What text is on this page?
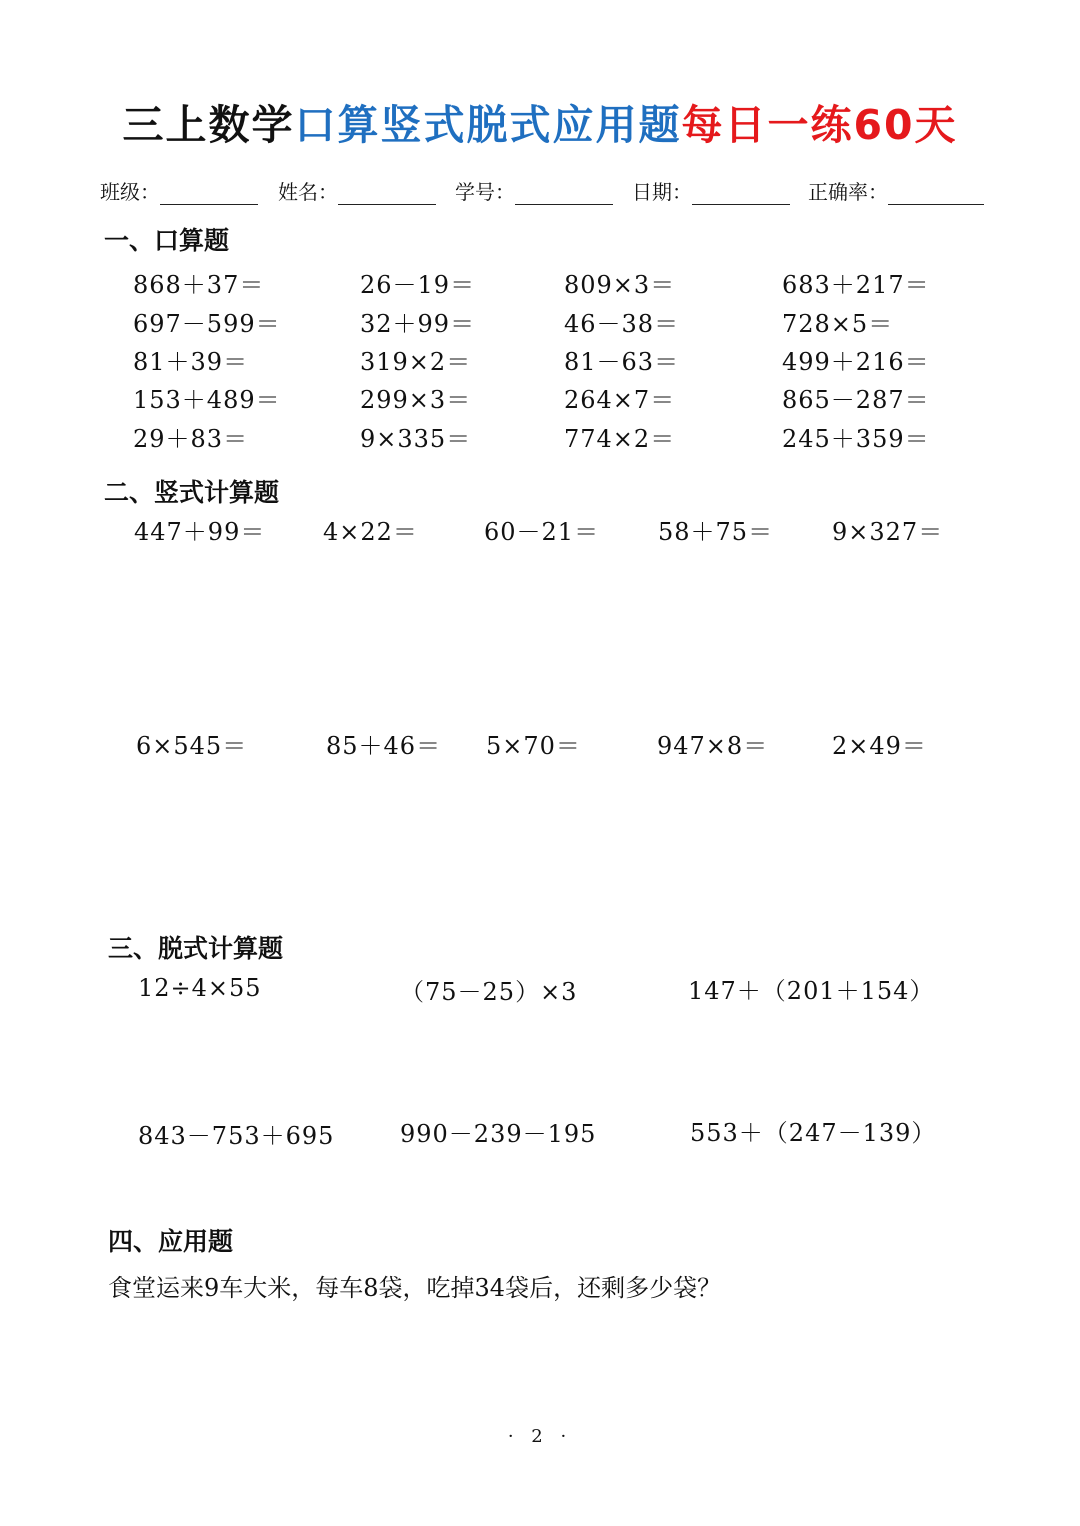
三上数学口算竖式脱式应用题每日一练60天
班级：	姓名：	学号：	日期：	正确率：
一、口算题
868＋37＝	26－19＝	809×3＝	683＋217＝
697－599＝	32＋99＝	46－38＝	728×5＝
81＋39＝	319×2＝	81－63＝	499＋216＝
153＋489＝	299×3＝	264×7＝	865－287＝
29＋83＝	9×335＝	774×2＝	245＋359＝
二、竖式计算题
447＋99＝ 4×22＝	60－21＝ 58＋75＝ 9×327＝
6×545＝	85＋46＝ 5×70＝	947×8＝	2×49＝
三、脱式计算题
12÷4×55	（75－25）×3	147＋（201＋154）
843－753＋695	990－239－195	553＋（247－139）
四、应用题
食堂运来9车大米，每车8袋，吃掉34袋后，还剩多少袋？
· 2 ·
